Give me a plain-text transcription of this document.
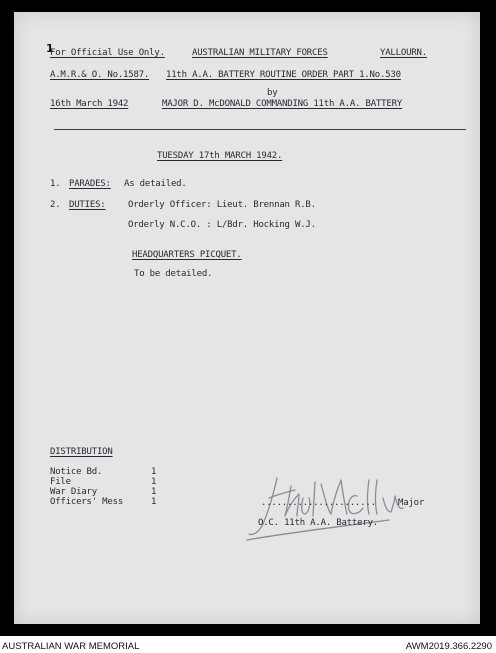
1
For Official Use Only.	AUSTRALIAN MILITARY FORCES	YALLOURN.
A.M.R.& O. No.1587. 11th A.A. BATTERY ROUTINE ORDER PART 1.No.530
by
16th March 1942	MAJOR D. McDONALD COMMANDING 11th A.A. BATTERY
TUESDAY 17th MARCH 1942.
1. PARADES: As detailed.
2. DUTIES: Orderly Officer: Lieut. Brennan R.B.
Orderly N.C.O. : L/Bdr. Hocking W.J.
HEADQUARTERS PICQUET.
To be detailed.
DISTRIBUTION
Notice Bd.	1
File	1
War Diary	1
Officers' Mess	1	...................... Major
O.C. 11th A.A. Battery.
AUSTRALIAN WAR MEMORIAL	AWM2019.366.2290
